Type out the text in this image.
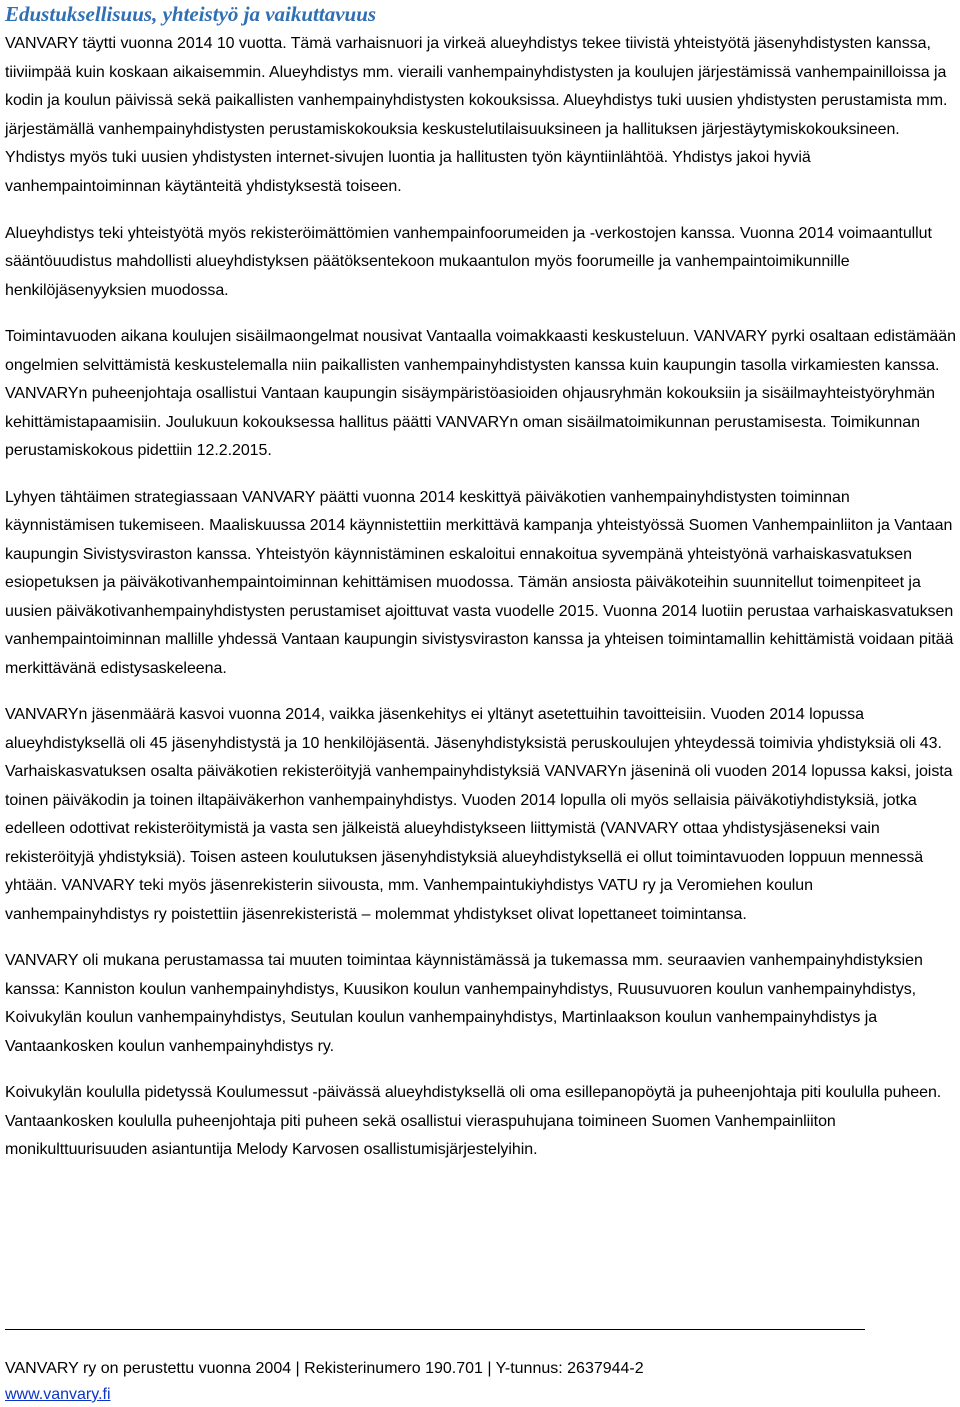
Edustuksellisuus, yhteistyö ja vaikuttavuus

VANVARY täytti vuonna 2014 10 vuotta. Tämä varhaisnuori ja virkeä alueyhdistys tekee tiivistä yhteistyötä jäsenyhdistysten kanssa, tiiviimpää kuin koskaan aikaisemmin. Alueyhdistys mm. vieraili vanhempainyhdistysten ja koulujen järjestämissä vanhempainilloissa ja kodin ja koulun päivissä sekä paikallisten vanhempainyhdistysten kokouksissa. Alueyhdistys tuki uusien yhdistysten perustamista mm. järjestämällä vanhempainyhdistysten perustamiskokouksia keskustelutilaisuuksineen ja hallituksen järjestäytymiskokouksineen. Yhdistys myös tuki uusien yhdistysten internet-sivujen luontia ja hallitusten työn käyntiinlähtöä. Yhdistys jakoi hyviä vanhempaintoiminnan käytänteitä yhdistyksestä toiseen.

Alueyhdistys teki yhteistyötä myös rekisteröimättömien vanhempainfoorumeiden ja -verkostojen kanssa. Vuonna 2014 voimaantullut sääntöuudistus mahdollisti alueyhdistyksen päätöksentekoon mukaantulon myös foorumeille ja vanhempaintoimikunnille henkilöjäsenyyksien muodossa.

Toimintavuoden aikana koulujen sisäilmaongelmat nousivat Vantaalla voimakkaasti keskusteluun. VANVARY pyrki osaltaan edistämään ongelmien selvittämistä keskustelemalla niin paikallisten vanhempainyhdistysten kanssa kuin kaupungin tasolla virkamiesten kanssa. VANVARYn puheenjohtaja osallistui Vantaan kaupungin sisäympäristöasioiden ohjausryhmän kokouksiin ja sisäilmayhteistyöryhmän kehittämistapaamisiin. Joulukuun kokouksessa hallitus päätti VANVARYn oman sisäilmatoimikunnan perustamisesta. Toimikunnan perustamiskokous pidettiin 12.2.2015.

Lyhyen tähtäimen strategiassaan VANVARY päätti vuonna 2014 keskittyä päiväkotien vanhempainyhdistysten toiminnan käynnistämisen tukemiseen. Maaliskuussa 2014 käynnistettiin merkittävä kampanja yhteistyössä Suomen Vanhempainliiton ja Vantaan kaupungin Sivistysviraston kanssa. Yhteistyön käynnistäminen eskaloitui ennakoitua syvempänä yhteistyönä varhaiskasvatuksen esiopetuksen ja päiväkotivanhempaintoiminnan kehittämisen muodossa. Tämän ansiosta päiväkoteihin suunnitellut toimenpiteet ja uusien päiväkotivanhempainyhdistysten perustamiset ajoittuvat vasta vuodelle 2015. Vuonna 2014 luotiin perustaa varhaiskasvatuksen vanhempaintoiminnan mallille yhdessä Vantaan kaupungin sivistysviraston kanssa ja yhteisen toimintamallin kehittämistä voidaan pitää merkittävänä edistysaskeleena.

VANVARYn jäsenmäärä kasvoi vuonna 2014, vaikka jäsenkehitys ei yltänyt asetettuihin tavoitteisiin. Vuoden 2014 lopussa alueyhdistyksellä oli 45 jäsenyhdistystä ja 10 henkilöjäsentä. Jäsenyhdistyksistä peruskoulujen yhteydessä toimivia yhdistyksiä oli 43. Varhaiskasvatuksen osalta päiväkotien rekisteröityjä vanhempainyhdistyksiä VANVARYn jäseninä oli vuoden 2014 lopussa kaksi, joista toinen päiväkodin ja toinen iltapäiväkerhon vanhempainyhdistys. Vuoden 2014 lopulla oli myös sellaisia päiväkotiyhdistyksiä, jotka edelleen odottivat rekisteröitymistä ja vasta sen jälkeistä alueyhdistykseen liittymistä (VANVARY ottaa yhdistysjäseneksi vain rekisteröityjä yhdistyksiä). Toisen asteen koulutuksen jäsenyhdistyksiä alueyhdistyksellä ei ollut toimintavuoden loppuun mennessä yhtään. VANVARY teki myös jäsenrekisterin siivousta, mm. Vanhempaintukiyhdistys VATU ry ja Veromiehen koulun vanhempainyhdistys ry poistettiin jäsenrekisteristä – molemmat yhdistykset olivat lopettaneet toimintansa.

VANVARY oli mukana perustamassa tai muuten toimintaa käynnistämässä ja tukemassa mm. seuraavien vanhempainyhdistyksien kanssa: Kanniston koulun vanhempainyhdistys, Kuusikon koulun vanhempainyhdistys, Ruusuvuoren koulun vanhempainyhdistys, Koivukylän koulun vanhempainyhdistys, Seutulan koulun vanhempainyhdistys, Martinlaakson koulun vanhempainyhdistys ja Vantaankosken koulun vanhempainyhdistys ry.

Koivukylän koululla pidetyssä Koulumessut -päivässä alueyhdistyksellä oli oma esillepanopöytä ja puheenjohtaja piti koululla puheen. Vantaankosken koululla puheenjohtaja piti puheen sekä osallistui vieraspuhujana toimineen Suomen Vanhempainliiton monikulttuurisuuden asiantuntija Melody Karvosen osallistumisjärjestelyihin.

VANVARY ry on perustettu vuonna 2004 | Rekisterinumero 190.701 | Y-tunnus: 2637944-2
www.vanvary.fi
